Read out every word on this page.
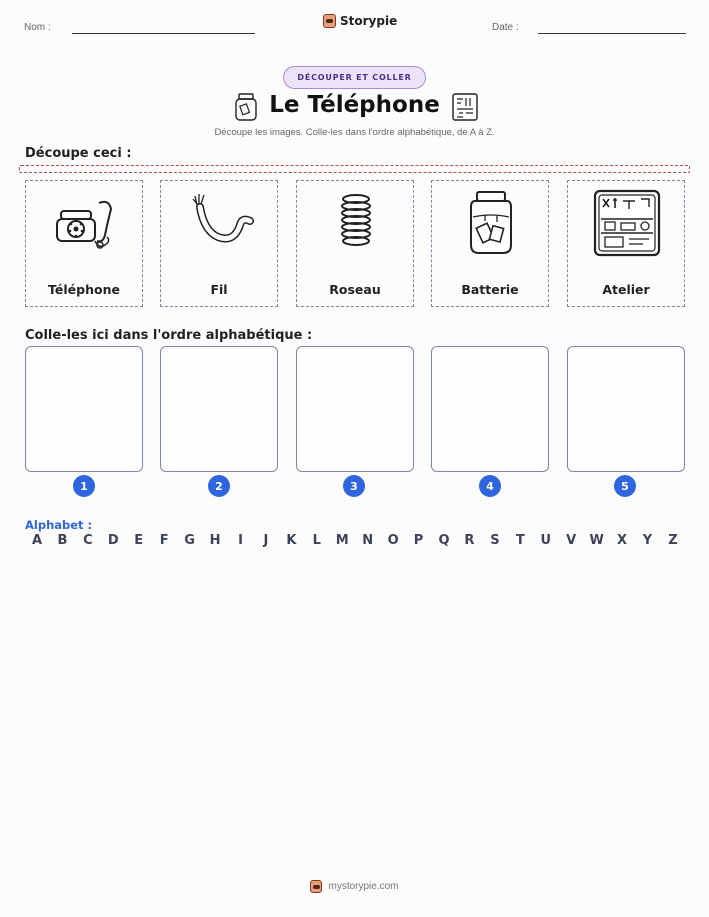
Nom :	Storypie	Date :
DÉCOUPER ET COLLER
Le Téléphone
Découpe les images. Colle-les dans l'ordre alphabétique, de A à Z.
Découpe ceci :
Téléphone	Fil	Roseau	Batterie	Atelier
Colle-les ici dans l'ordre alphabétique :
1	2	3	4	5
Alphabet :
A	B	C	D	E	F	G	H	I	J	K	L	M	N	O	P	Q	R	S	T	U	V	W	X	Y	Z
mystorypie.com
